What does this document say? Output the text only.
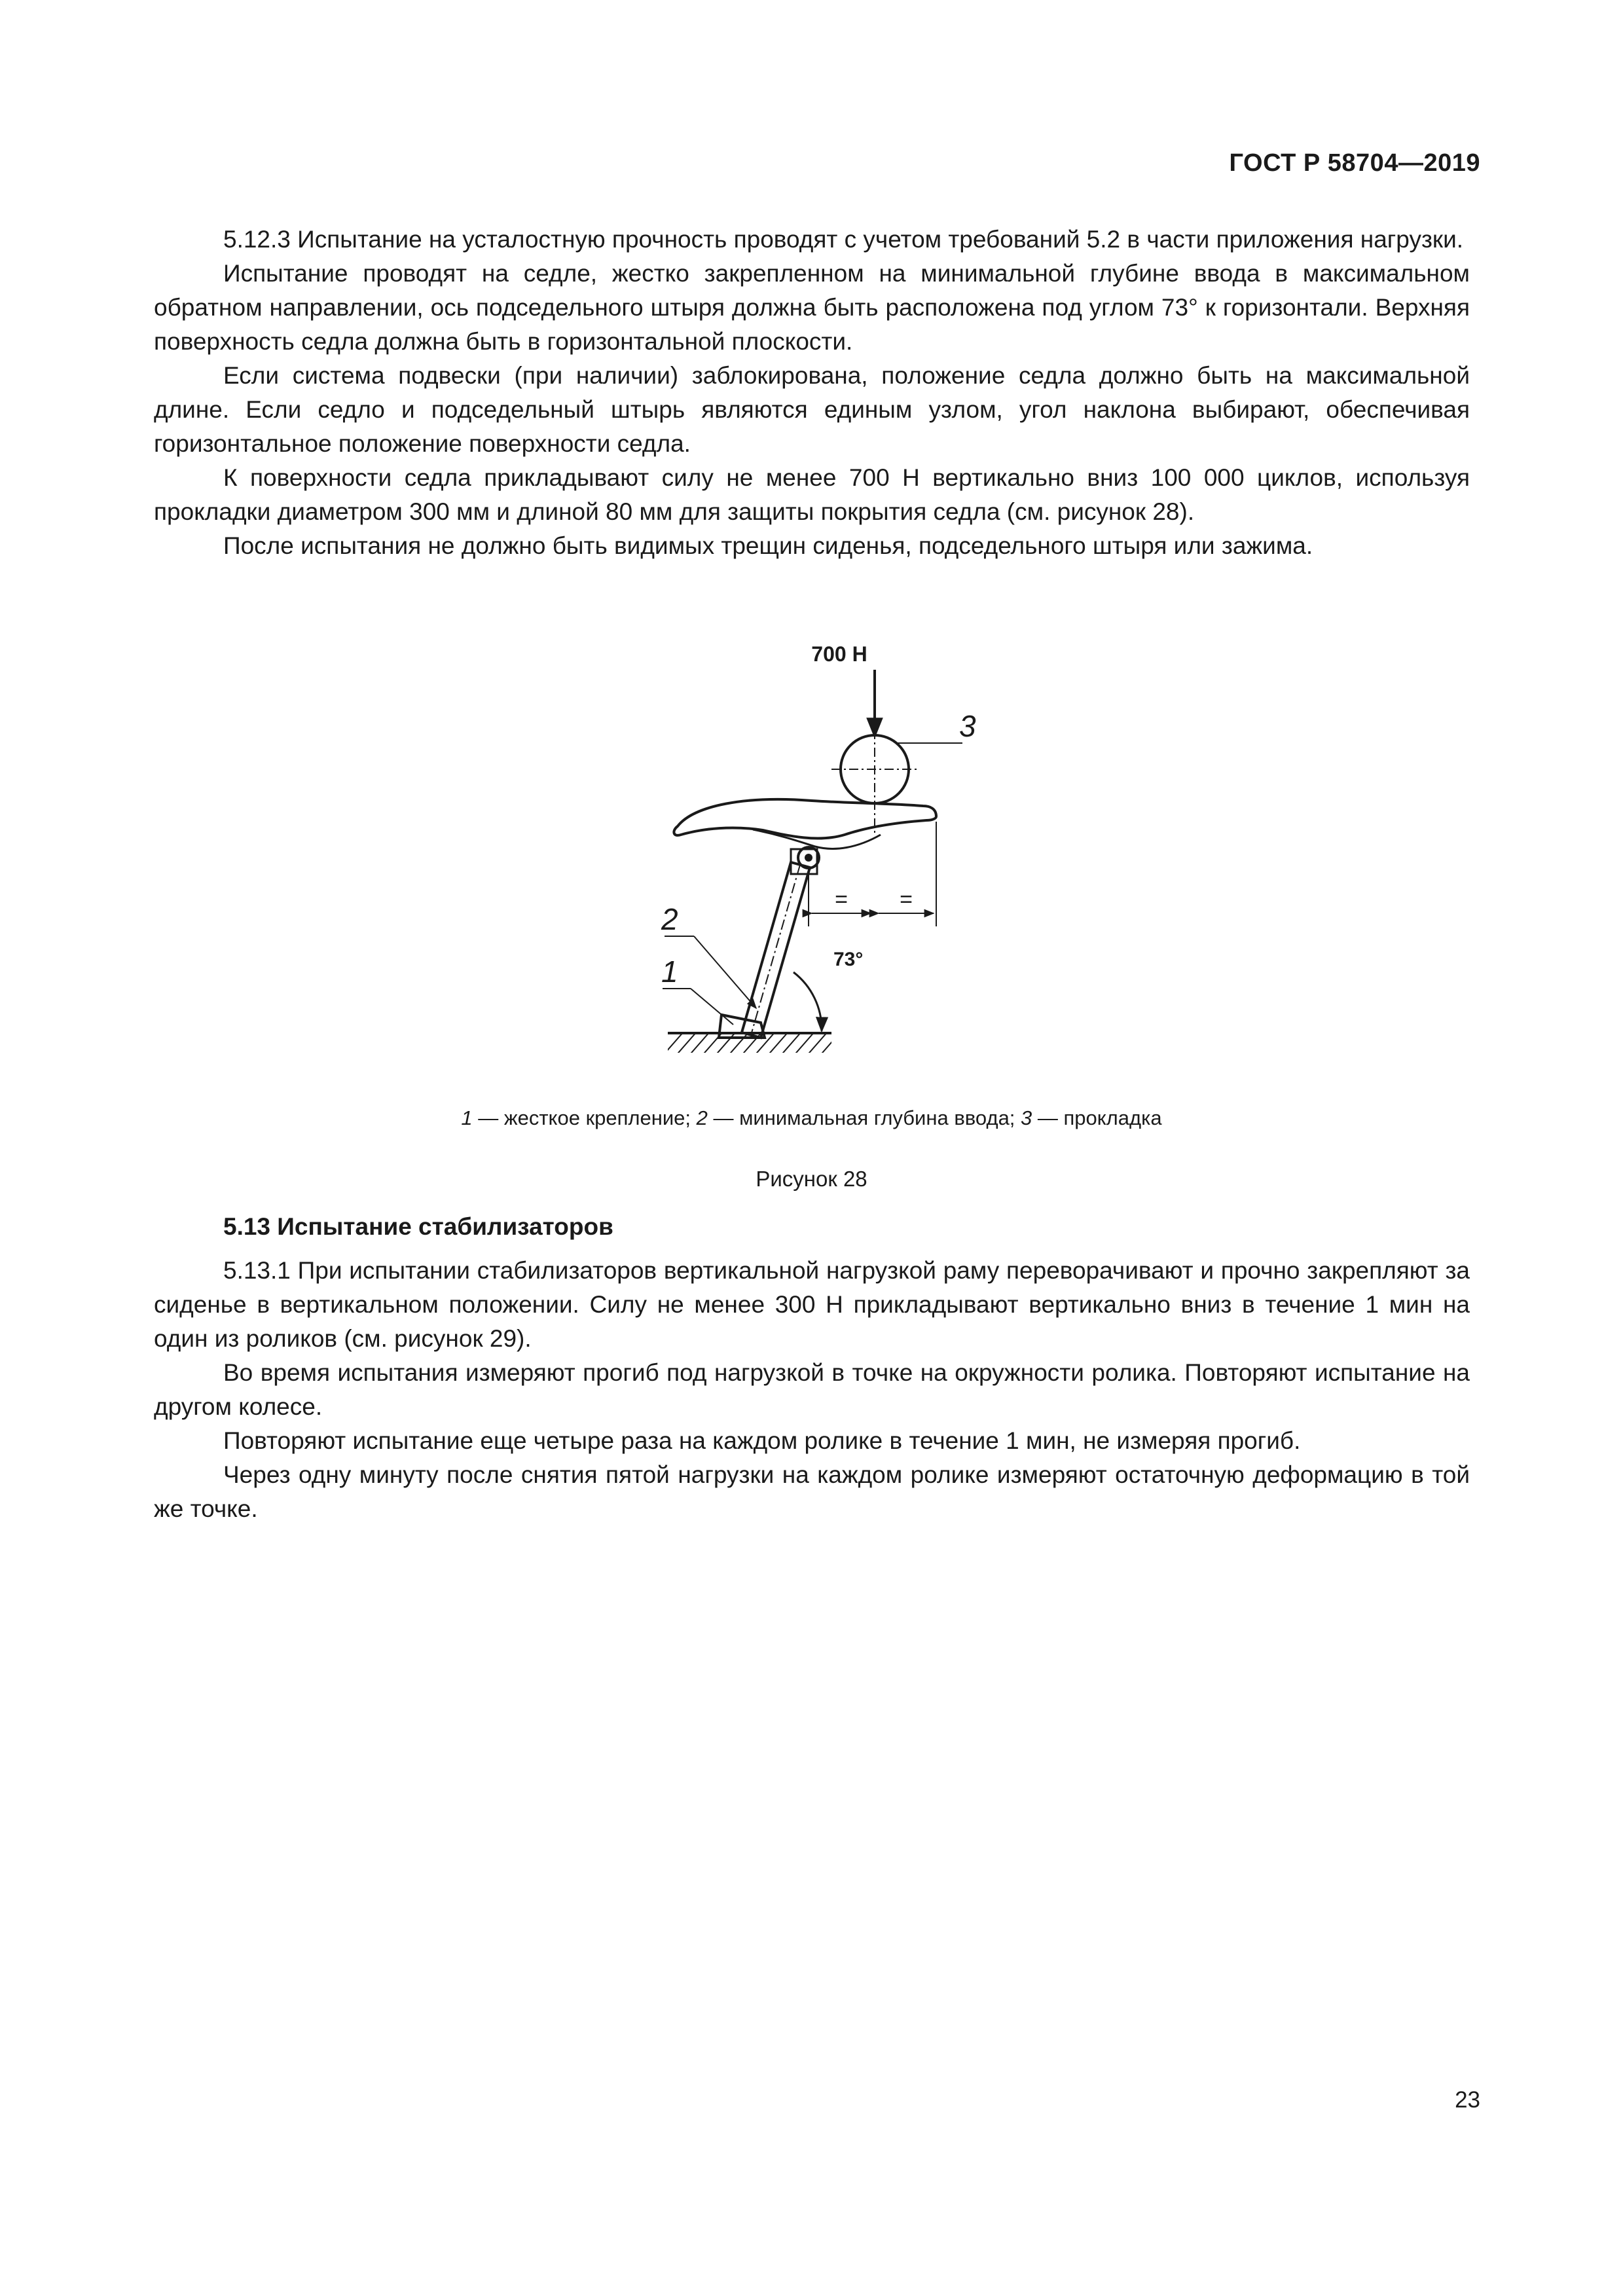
ГОСТ Р 58704—2019

5.12.3 Испытание на усталостную прочность проводят с учетом требований 5.2 в части приложения нагрузки.

Испытание проводят на седле, жестко закрепленном на минимальной глубине ввода в максимальном обратном направлении, ось подседельного штыря должна быть расположена под углом 73° к горизонтали. Верхняя поверхность седла должна быть в горизонтальной плоскости.

Если система подвески (при наличии) заблокирована, положение седла должно быть на максимальной длине. Если седло и подседельный штырь являются единым узлом, угол наклона выбирают, обеспечивая горизонтальное положение поверхности седла.

К поверхности седла прикладывают силу не менее 700 Н вертикально вниз 100 000 циклов, используя прокладки диаметром 300 мм и длиной 80 мм для защиты покрытия седла (см. рисунок 28).

После испытания не должно быть видимых трещин сиденья, подседельного штыря или зажима.

700 Н
3
73°
= =
2
1
1 — жесткое крепление; 2 — минимальная глубина ввода; 3 — прокладка
Рисунок 28
5.13 Испытание стабилизаторов

5.13.1 При испытании стабилизаторов вертикальной нагрузкой раму переворачивают и прочно закрепляют за сиденье в вертикальном положении. Силу не менее 300 Н прикладывают вертикально вниз в течение 1 мин на один из роликов (см. рисунок 29).

Во время испытания измеряют прогиб под нагрузкой в точке на окружности ролика. Повторяют испытание на другом колесе.

Повторяют испытание еще четыре раза на каждом ролике в течение 1 мин, не измеряя прогиб.

Через одну минуту после снятия пятой нагрузки на каждом ролике измеряют остаточную деформацию в той же точке.

23
